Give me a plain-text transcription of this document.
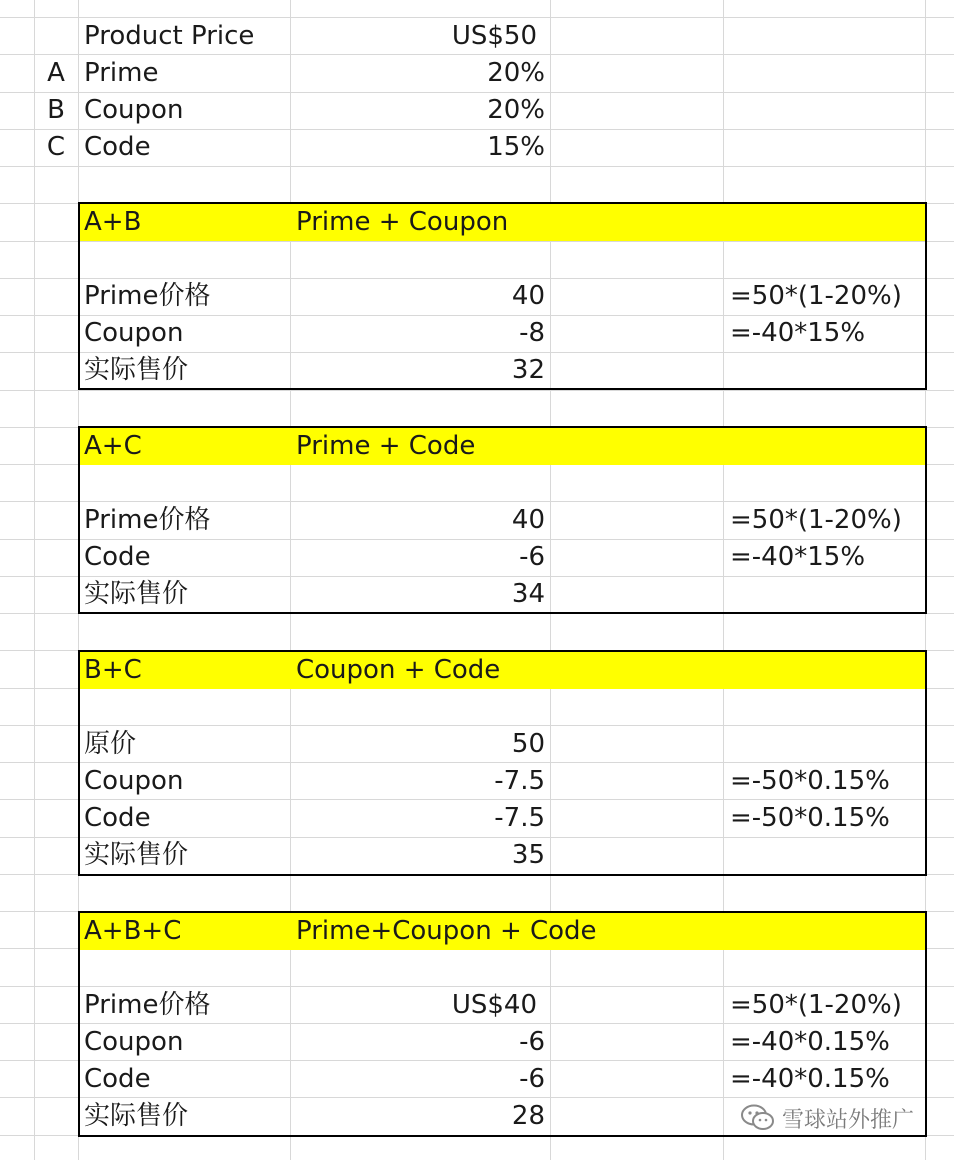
Product Price	US$50
A Prime	20%
B Coupon	20%
C Code	15%
A+B	Prime + Coupon
Prime价格	40	=50*(1-20%)
Coupon	-8	=-40*15%
实际售价	32
A+C	Prime + Code
Prime价格	40	=50*(1-20%)
Code	-6	=-40*15%
实际售价	34
B+C	Coupon + Code
原价	50
Coupon	-7.5	=-50*0.15%
Code	-7.5	=-50*0.15%
实际售价	35
A+B+C	Prime+Coupon + Code
Prime价格	US$40	=50*(1-20%)
Coupon	-6	=-40*0.15%
Code	-6	=-40*0.15%
实际售价	28	雪球站外推广
